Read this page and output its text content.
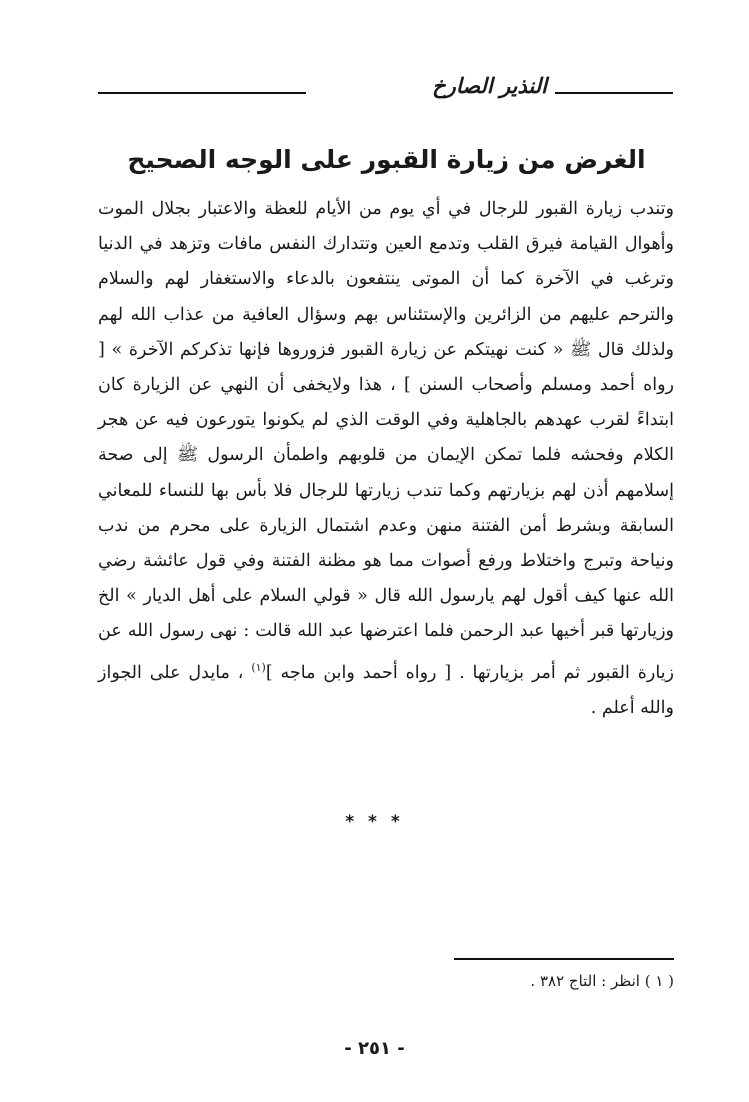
النذير الصارخ
الغرض من زيارة القبور على الوجه الصحيح

وتندب زيارة القبور للرجال في أي يوم من الأيام للعظة والاعتبار بجلال الموت وأهوال القيامة فيرق القلب وتدمع العين وتتدارك النفس مافات وتزهد في الدنيا وترغب في الآخرة كما أن الموتى ينتفعون بالدعاء والاستغفار لهم والسلام والترحم عليهم من الزائرين والإستئناس بهم وسؤال العافية من عذاب الله لهم ولذلك قال ﷺ « كنت نهيتكم عن زيارة القبور فزوروها فإنها تذكركم الآخرة » [ رواه أحمد ومسلم وأصحاب السنن ] ، هذا ولايخفى أن النهي عن الزيارة كان ابتداءً لقرب عهدهم بالجاهلية وفي الوقت الذي لم يكونوا يتورعون فيه عن هجر الكلام وفحشه فلما تمكن الإيمان من قلوبهم واطمأن الرسول ﷺ إلى صحة إسلامهم أذن لهم بزيارتهم وكما تندب زيارتها للرجال فلا بأس بها للنساء للمعاني السابقة وبشرط أمن الفتنة منهن وعدم اشتمال الزيارة على محرم من ندب ونياحة وتبرج واختلاط ورفع أصوات مما هو مظنة الفتنة وفي قول عائشة رضي الله عنها كيف أقول لهم يارسول الله قال « قولي السلام على أهل الديار » الخ وزيارتها قبر أخيها عبد الرحمن فلما اعترضها عبد الله قالت : نهى رسول الله عن زيارة القبور ثم أمر بزيارتها . [ رواه أحمد وابن ماجه ]$^{(١)}$ ، مايدل على الجواز والله أعلم .

* * *
( ١ ) انظر : التاج ٣٨٢ .
- ٢٥١ -
